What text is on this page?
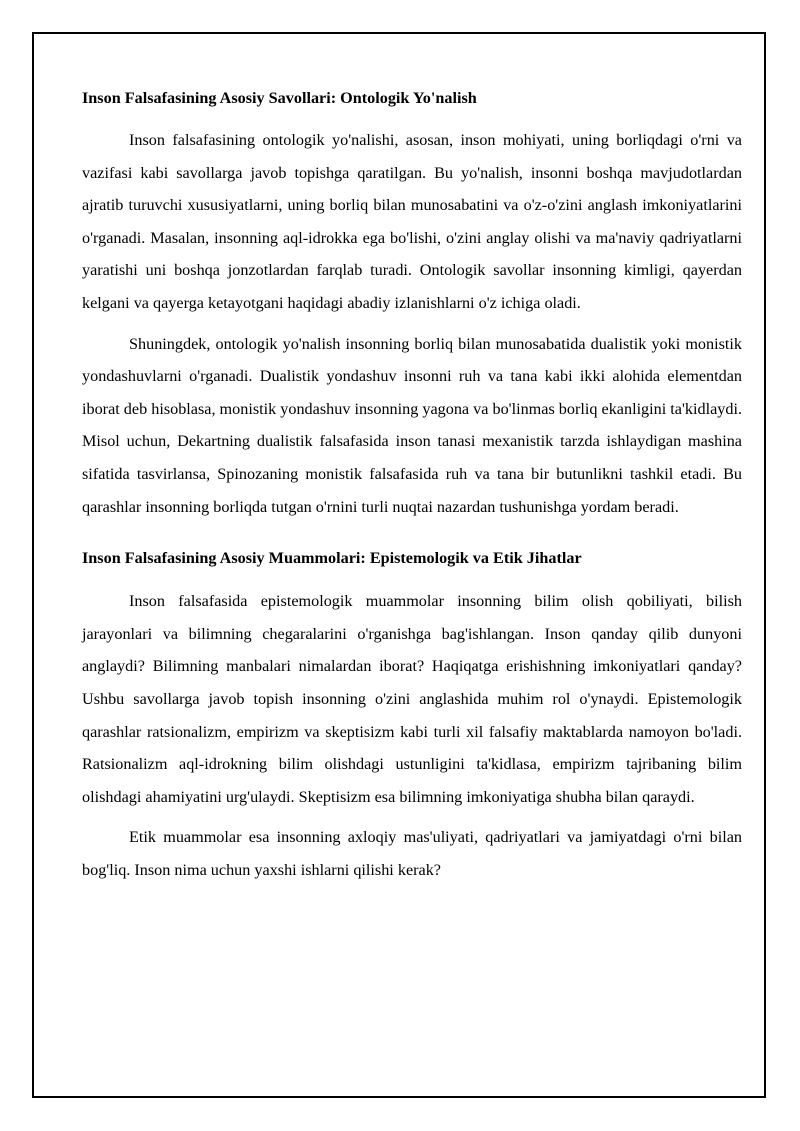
Inson Falsafasining Asosiy Savollari: Ontologik Yo'nalish

Inson falsafasining ontologik yo'nalishi, asosan, inson mohiyati, uning borliqdagi o'rni va vazifasi kabi savollarga javob topishga qaratilgan. Bu yo'nalish, insonni boshqa mavjudotlardan ajratib turuvchi xususiyatlarni, uning borliq bilan munosabatini va o'z-o'zini anglash imkoniyatlarini o'rganadi. Masalan, insonning aql-idrokka ega bo'lishi, o'zini anglay olishi va ma'naviy qadriyatlarni yaratishi uni boshqa jonzotlardan farqlab turadi. Ontologik savollar insonning kimligi, qayerdan kelgani va qayerga ketayotgani haqidagi abadiy izlanishlarni o'z ichiga oladi.

Shuningdek, ontologik yo'nalish insonning borliq bilan munosabatida dualistik yoki monistik yondashuvlarni o'rganadi. Dualistik yondashuv insonni ruh va tana kabi ikki alohida elementdan iborat deb hisoblasa, monistik yondashuv insonning yagona va bo'linmas borliq ekanligini ta'kidlaydi. Misol uchun, Dekartning dualistik falsafasida inson tanasi mexanistik tarzda ishlaydigan mashina sifatida tasvirlansa, Spinozaning monistik falsafasida ruh va tana bir butunlikni tashkil etadi. Bu qarashlar insonning borliqda tutgan o'rnini turli nuqtai nazardan tushunishga yordam beradi.

Inson Falsafasining Asosiy Muammolari: Epistemologik va Etik Jihatlar

Inson falsafasida epistemologik muammolar insonning bilim olish qobiliyati, bilish jarayonlari va bilimning chegaralarini o'rganishga bag'ishlangan. Inson qanday qilib dunyoni anglaydi? Bilimning manbalari nimalardan iborat? Haqiqatga erishishning imkoniyatlari qanday? Ushbu savollarga javob topish insonning o'zini anglashida muhim rol o'ynaydi. Epistemologik qarashlar ratsionalizm, empirizm va skeptisizm kabi turli xil falsafiy maktablarda namoyon bo'ladi. Ratsionalizm aql-idrokning bilim olishdagi ustunligini ta'kidlasa, empirizm tajribaning bilim olishdagi ahamiyatini urg'ulaydi. Skeptisizm esa bilimning imkoniyatiga shubha bilan qaraydi.

Etik muammolar esa insonning axloqiy mas'uliyati, qadriyatlari va jamiyatdagi o'rni bilan bog'liq. Inson nima uchun yaxshi ishlarni qilishi kerak?
